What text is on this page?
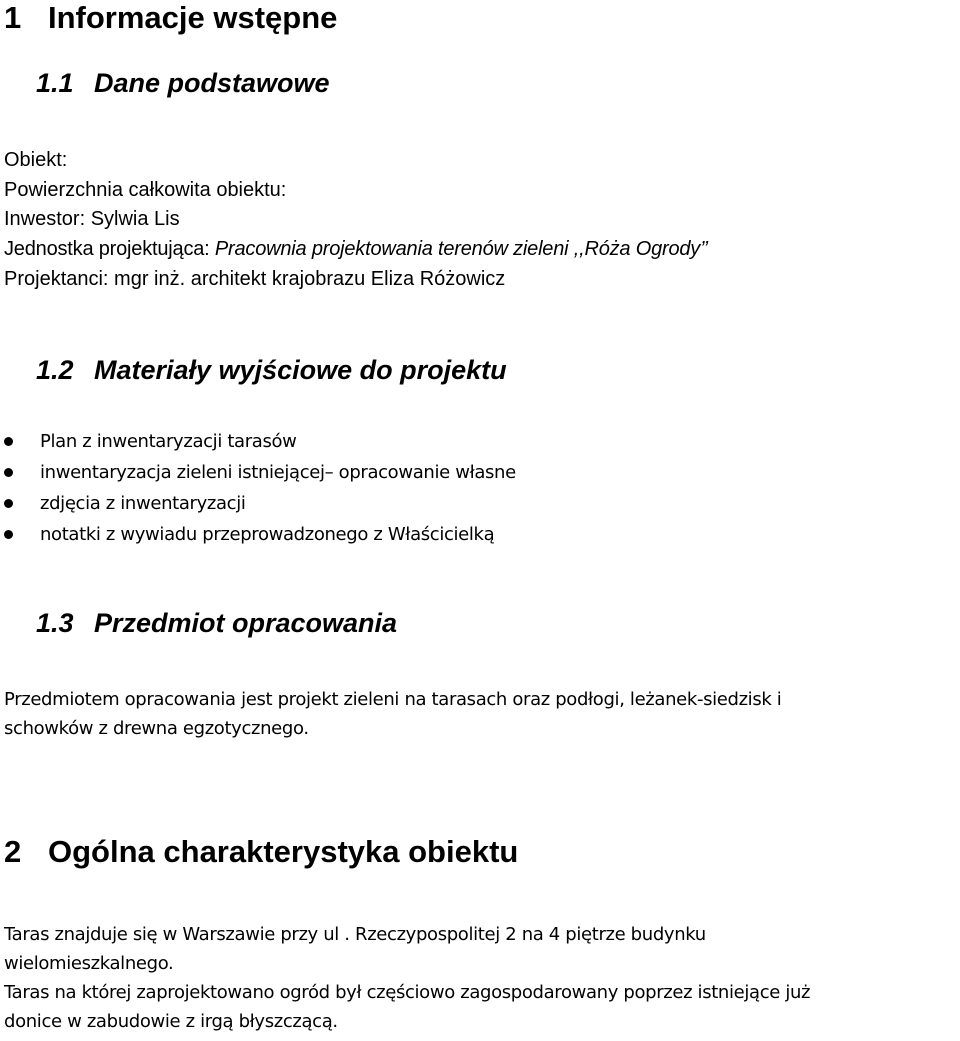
1 Informacje wstępne
1.1 Dane podstawowe
Obiekt:
Powierzchnia całkowita obiektu:
Inwestor: Sylwia Lis
Jednostka projektująca: Pracownia projektowania terenów zieleni ,,Róża Ogrody’’
Projektanci: mgr inż. architekt krajobrazu Eliza Różowicz
1.2 Materiały wyjściowe do projektu
Plan z inwentaryzacji tarasów
inwentaryzacja zieleni istniejącej– opracowanie własne
zdjęcia z inwentaryzacji
notatki z wywiadu przeprowadzonego z Właścicielką
1.3 Przedmiot opracowania
Przedmiotem opracowania jest projekt zieleni na tarasach oraz podłogi, leżanek-siedzisk i
schowków z drewna egzotycznego.
2 Ogólna charakterystyka obiektu
Taras znajduje się w Warszawie przy ul . Rzeczypospolitej 2 na 4 piętrze budynku
wielomieszkalnego.
Taras na której zaprojektowano ogród był częściowo zagospodarowany poprzez istniejące już
donice w zabudowie z irgą błyszczącą.
